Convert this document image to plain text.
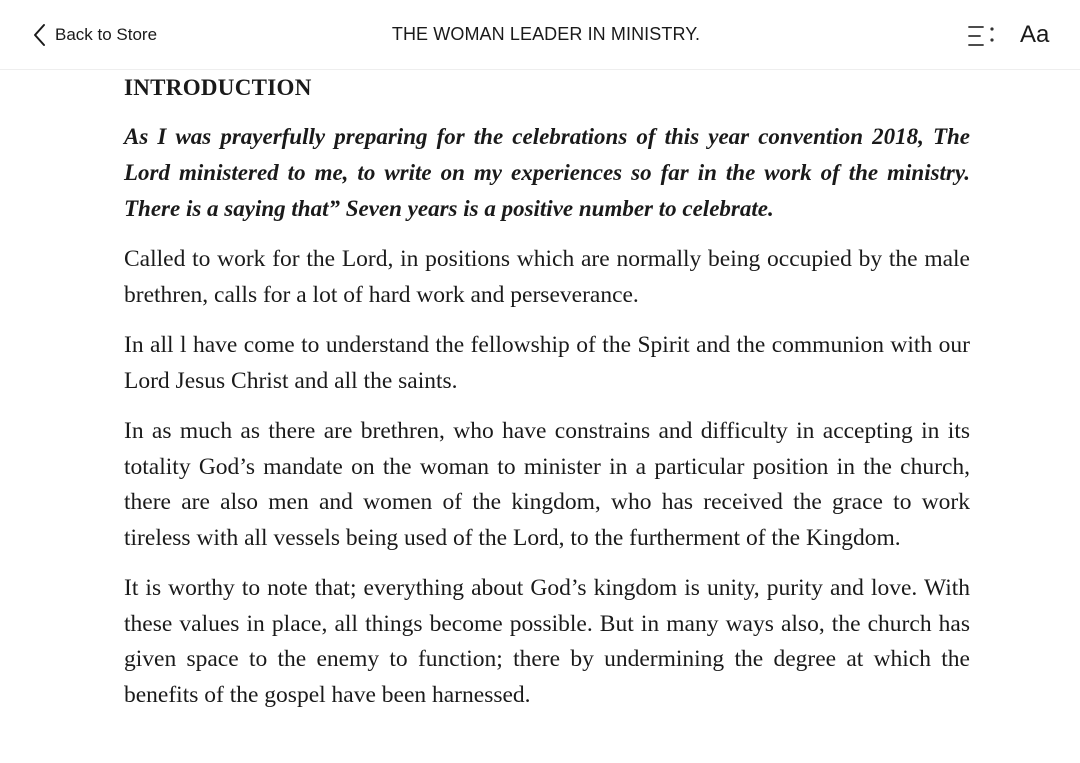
Back to Store	THE WOMAN LEADER IN MINISTRY.	Aa
INTRODUCTION

As I was prayerfully preparing for the celebrations of this year convention 2018, The Lord ministered to me, to write on my experiences so far in the work of the ministry. There is a saying that” Seven years is a positive number to celebrate.

Called to work for the Lord, in positions which are normally being occupied by the male brethren, calls for a lot of hard work and perseverance.

In all l have come to understand the fellowship of the Spirit and the communion with our Lord Jesus Christ and all the saints.

In as much as there are brethren, who have constrains and difficulty in accepting in its totality God’s mandate on the woman to minister in a particular position in the church, there are also men and women of the kingdom, who has received the grace to work tireless with all vessels being used of the Lord, to the furtherment of the Kingdom.

It is worthy to note that; everything about God’s kingdom is unity, purity and love. With these values in place, all things become possible. But in many ways also, the church has given space to the enemy to function; there by undermining the degree at which the benefits of the gospel have been harnessed.
